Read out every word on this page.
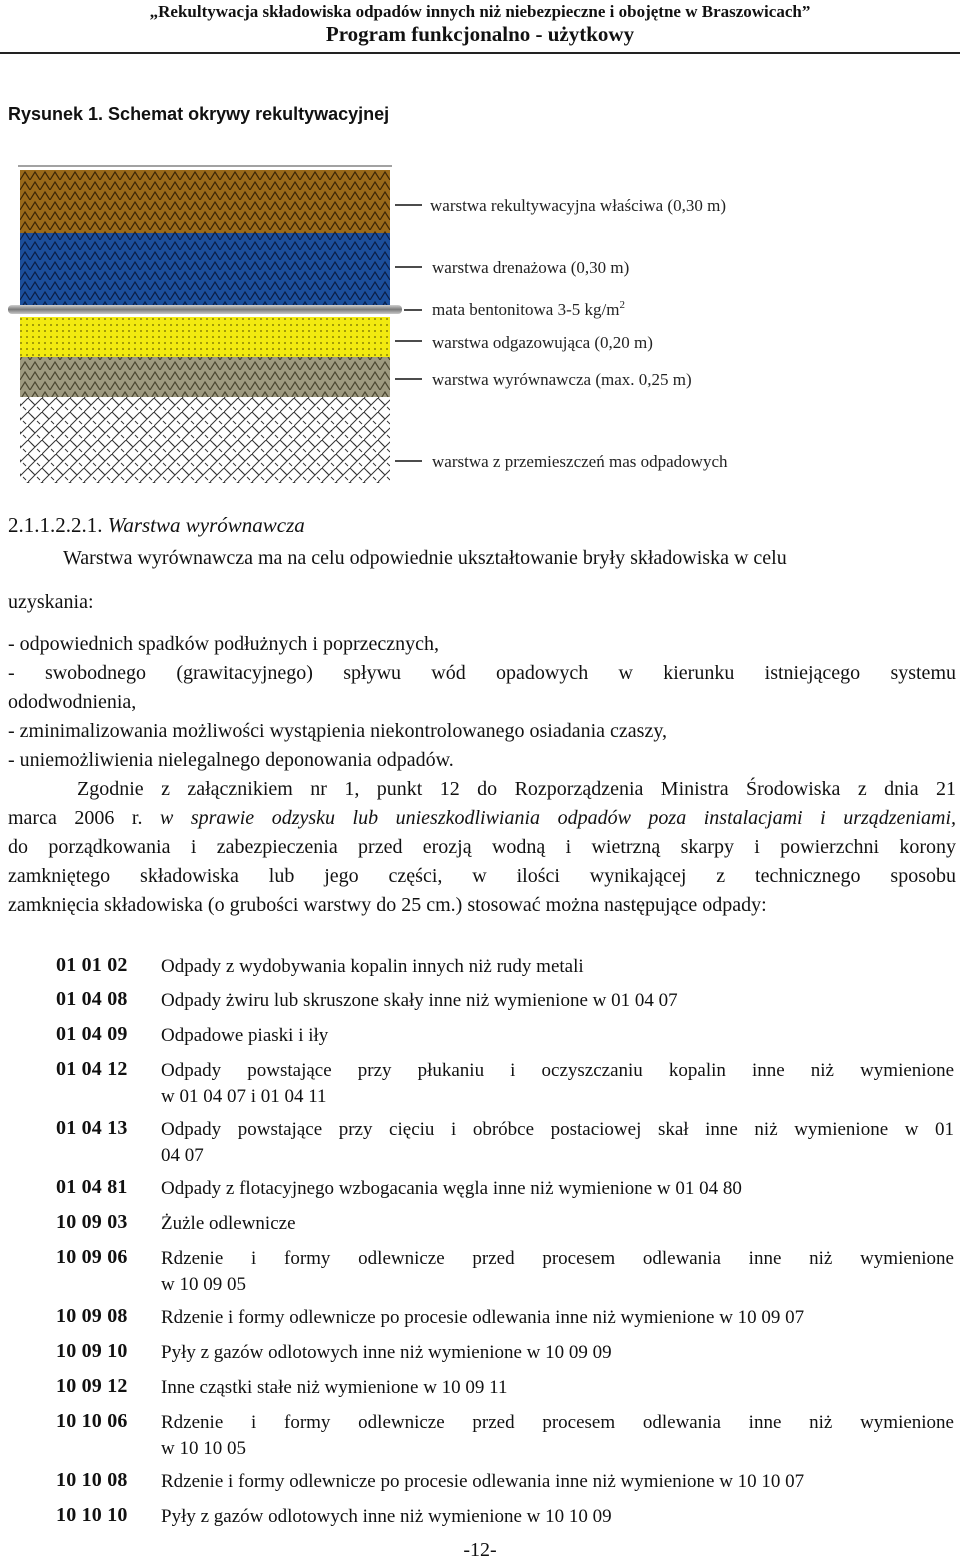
„Rekultywacja składowiska odpadów innych niż niebezpieczne i obojętne w Braszowicach”
Program funkcjonalno - użytkowy
Rysunek 1. Schemat okrywy rekultywacyjnej
warstwa rekultywacyjna właściwa (0,30 m)
warstwa drenażowa (0,30 m)
mata bentonitowa 3-5 $kg/m^2$
warstwa odgazowująca (0,20 m)
warstwa wyrównawcza (max. 0,25 m)
warstwa z przemieszczeń mas odpadowych
2.1.1.2.2.1. Warstwa wyrównawcza
Warstwa wyrównawcza ma na celu odpowiednie ukształtowanie bryły składowiska w celu
uzyskania:
- odpowiednich spadków podłużnych i poprzecznych,
- swobodnego (grawitacyjnego) spływu wód opadowych w kierunku istniejącego systemu
ododwodnienia,
- zminimalizowania możliwości wystąpienia niekontrolowanego osiadania czaszy,
- uniemożliwienia nielegalnego deponowania odpadów.
Zgodnie z załącznikiem nr 1, punkt 12 do Rozporządzenia Ministra Środowiska z dnia 21
marca 2006 r. w sprawie odzysku lub unieszkodliwiania odpadów poza instalacjami i urządzeniami,
do porządkowania i zabezpieczenia przed erozją wodną i wietrzną skarpy i powierzchni korony
zamkniętego składowiska lub jego części, w ilości wynikającej z technicznego sposobu
zamknięcia składowiska (o grubości warstwy do 25 cm.) stosować można następujące odpady:
01 01 02 Odpady z wydobywania kopalin innych niż rudy metali
01 04 08 Odpady żwiru lub skruszone skały inne niż wymienione w 01 04 07
01 04 09 Odpadowe piaski i iły
01 04 12 Odpady powstające przy płukaniu i oczyszczaniu kopalin inne niż wymienione
w 01 04 07 i 01 04 11
01 04 13 Odpady powstające przy cięciu i obróbce postaciowej skał inne niż wymienione w 01
04 07
01 04 81 Odpady z flotacyjnego wzbogacania węgla inne niż wymienione w 01 04 80
10 09 03 Żużle odlewnicze
10 09 06 Rdzenie i formy odlewnicze przed procesem odlewania inne niż wymienione
w 10 09 05
10 09 08 Rdzenie i formy odlewnicze po procesie odlewania inne niż wymienione w 10 09 07
10 09 10 Pyły z gazów odlotowych inne niż wymienione w 10 09 09
10 09 12 Inne cząstki stałe niż wymienione w 10 09 11
10 10 06 Rdzenie i formy odlewnicze przed procesem odlewania inne niż wymienione
w 10 10 05
10 10 08 Rdzenie i formy odlewnicze po procesie odlewania inne niż wymienione w 10 10 07
10 10 10 Pyły z gazów odlotowych inne niż wymienione w 10 10 09
-12-
